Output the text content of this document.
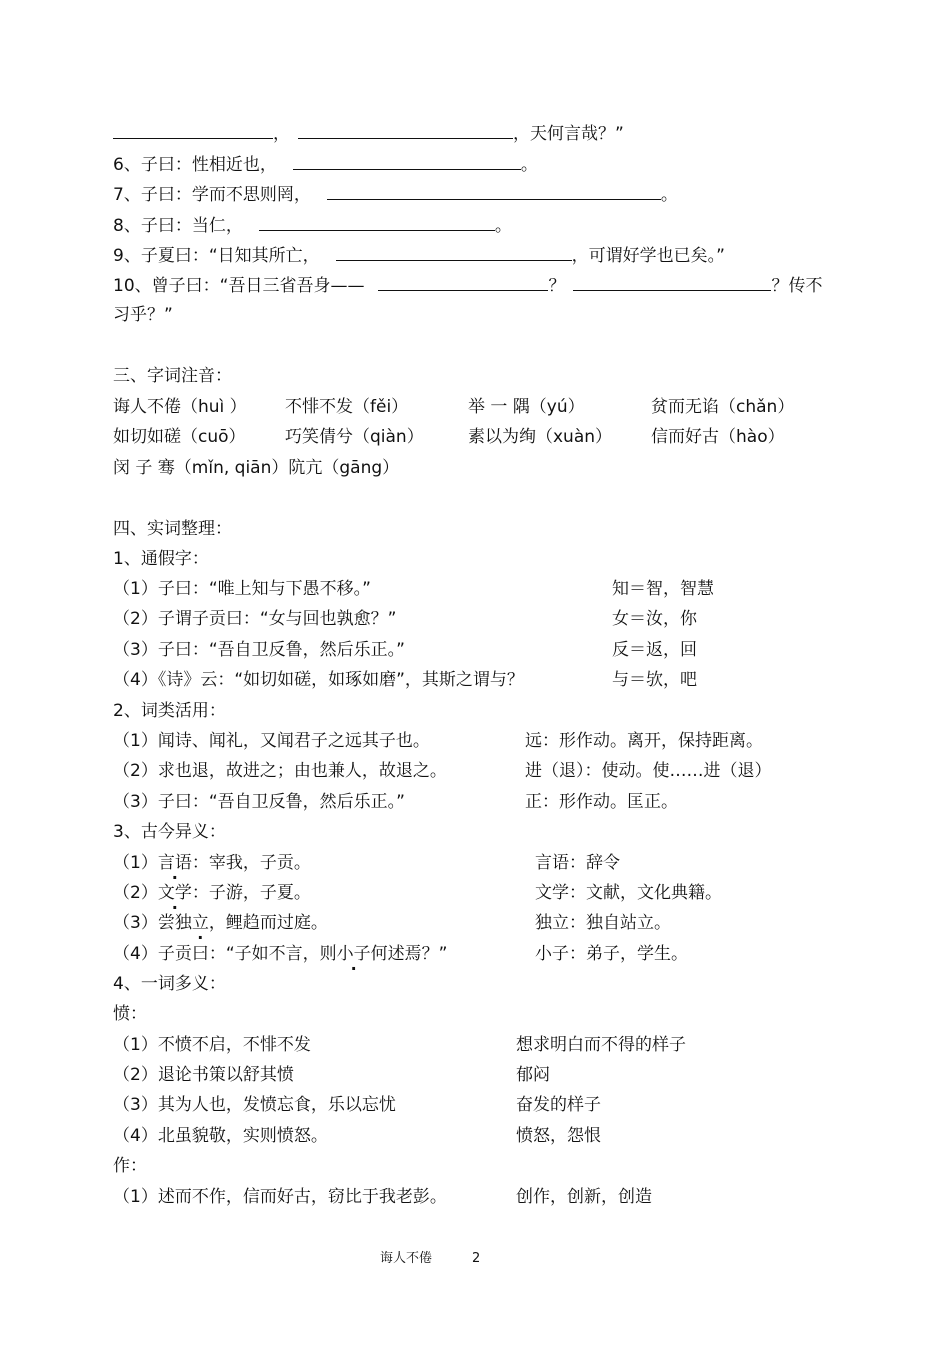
，	，天何言哉？”
6、子曰：性相近也，	。
7、子曰：学而不思则罔，	。
8、子曰：当仁，	。
9、子夏曰：“日知其所亡，	，可谓好学也已矣。”
10、曾子曰：“吾日三省吾身——	？	？传不
习乎？”
三、字词注音：
诲人不倦（huì ） 不悱不发（fěi）	举 一 隅（yú）	贫而无谄（chǎn）
如切如磋（cuō） 巧笑倩兮（qiàn）	素以为绚（xuàn） 信而好古（hào）
闵 子 骞（mǐn, qiān）阬亢（gāng）
四、实词整理：
1、通假字：
（1）子曰：“唯上知与下愚不移。”	知＝智，智慧
（2）子谓子贡曰：“女与回也孰愈？”	女＝汝，你
（3）子曰：“吾自卫反鲁，然后乐正。”	反＝返，回
（4）《诗》云：“如切如磋，如琢如磨”，其斯之谓与？	与＝欤，吧
2、词类活用：
（1）闻诗、闻礼，又闻君子之远其子也。	远：形作动。离开，保持距离。
（2）求也退，故进之；由也兼人，故退之。	进（退）：使动。使……进（退）
（3）子曰：“吾自卫反鲁，然后乐正。”	正：形作动。匡正。
3、古今异义：
（1）言语：宰我，子贡。	言语：辞令
（2）文学：子游，子夏。	文学：文献，文化典籍。
（3）尝独立，鲤趋而过庭。	独立：独自站立。
（4）子贡曰：“子如不言，则小子何述焉？”	小子：弟子，学生。
4、一词多义：
愤：
（1）不愤不启，不悱不发	想求明白而不得的样子
（2）退论书策以舒其愤	郁闷
（3）其为人也，发愤忘食，乐以忘忧	奋发的样子
（4）北虽貌敬，实则愤怒。	愤怒，怨恨
作：
（1）述而不作，信而好古，窃比于我老彭。	创作，创新，创造
诲人不倦	2
